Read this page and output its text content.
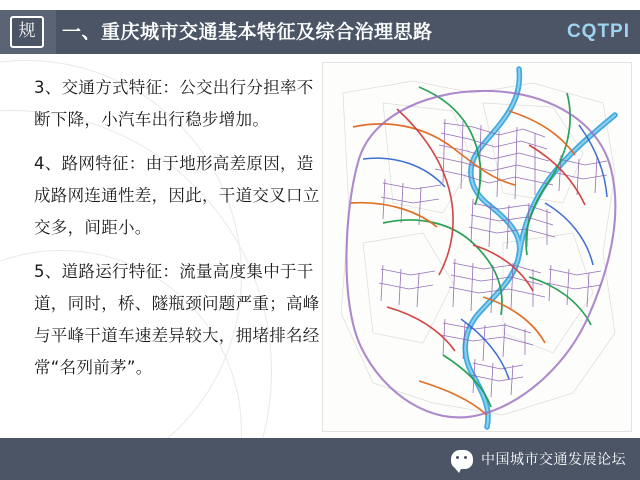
规	一、重庆城市交通基本特征及综合治理思路	CQTPI
3、交通方式特征：公交出行分担率不断下降，小汽车出行稳步增加。
4、路网特征：由于地形高差原因，造成路网连通性差，因此，干道交叉口立交多，间距小。
5、道路运行特征：流量高度集中于干道，同时，桥、隧瓶颈问题严重；高峰与平峰干道车速差异较大，拥堵排名经常“名列前茅”。
中国城市交通发展论坛
